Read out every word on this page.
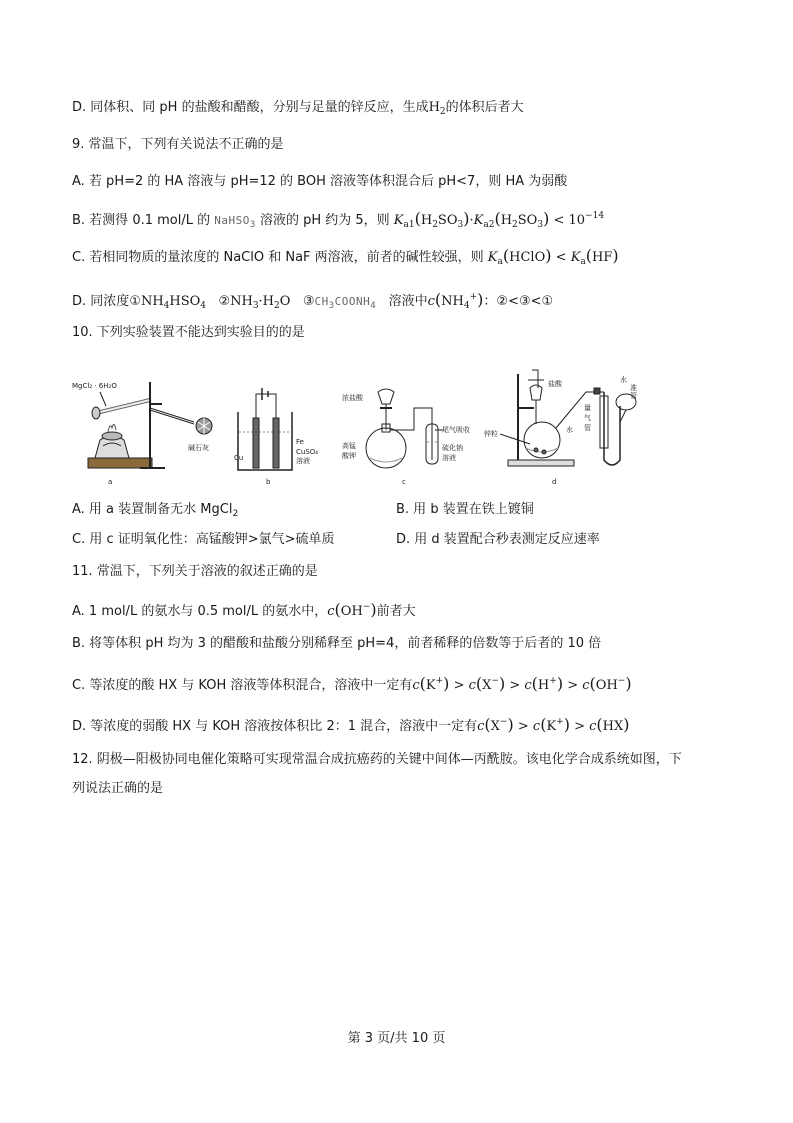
D. 同体积、同 pH 的盐酸和醋酸，分别与足量的锌反应，生成$H_2$的体积后者大
9. 常温下，下列有关说法不正确的是
A. 若 pH=2 的 HA 溶液与 pH=12 的 BOH 溶液等体积混合后 pH<7，则 HA 为弱酸
B. 若测得 0.1 mol/L 的 NaHSO$_3$ 溶液的 pH 约为 5，则 $K_{a1}(H_2SO_3)\cdot K_{a2}(H_2SO_3) < 10^{-14}$
C. 若相同物质的量浓度的 NaClO 和 NaF 两溶液，前者的碱性较强，则 $K_a(HClO) < K_a(HF)$
D. 同浓度$①NH_4HSO_4$ $②NH_3\cdot H_2O$ $③CH_3COONH_4$ 溶液中$c(NH_4^+)$：②<③<①
10. 下列实验装置不能达到实验目的的是
MgCl₂ · 6H₂O
碱石灰
a
Cu
Fe
CuSO₄
溶液
b
浓盐酸
高锰
酸钾
尾气吸收
硫化钠
溶液
c
盐酸
锌粒	水
量
气
管
水
准
管
d
A. 用 a 装置制备无水 MgCl$_2$	B. 用 b 装置在铁上镀铜
C. 用 c 证明氧化性：高锰酸钾>氯气>硫单质	D. 用 d 装置配合秒表测定反应速率
11. 常温下，下列关于溶液的叙述正确的是
A. 1 mol/L 的氨水与 0.5 mol/L 的氨水中，c(OH−)前者大
B. 将等体积 pH 均为 3 的醋酸和盐酸分别稀释至 pH=4，前者稀释的倍数等于后者的 10 倍
C. 等浓度的酸 HX 与 KOH 溶液等体积混合，溶液中一定有c(K+) > c(X−) > c(H+) > c(OH−)
D. 等浓度的弱酸 HX 与 KOH 溶液按体积比 2：1 混合，溶液中一定有c(X−) > c(K+) > c(HX)
12. 阴极—阳极协同电催化策略可实现常温合成抗癌药的关键中间体—丙酰胺。该电化学合成系统如图，下
列说法正确的是
第 3 页/共 10 页
